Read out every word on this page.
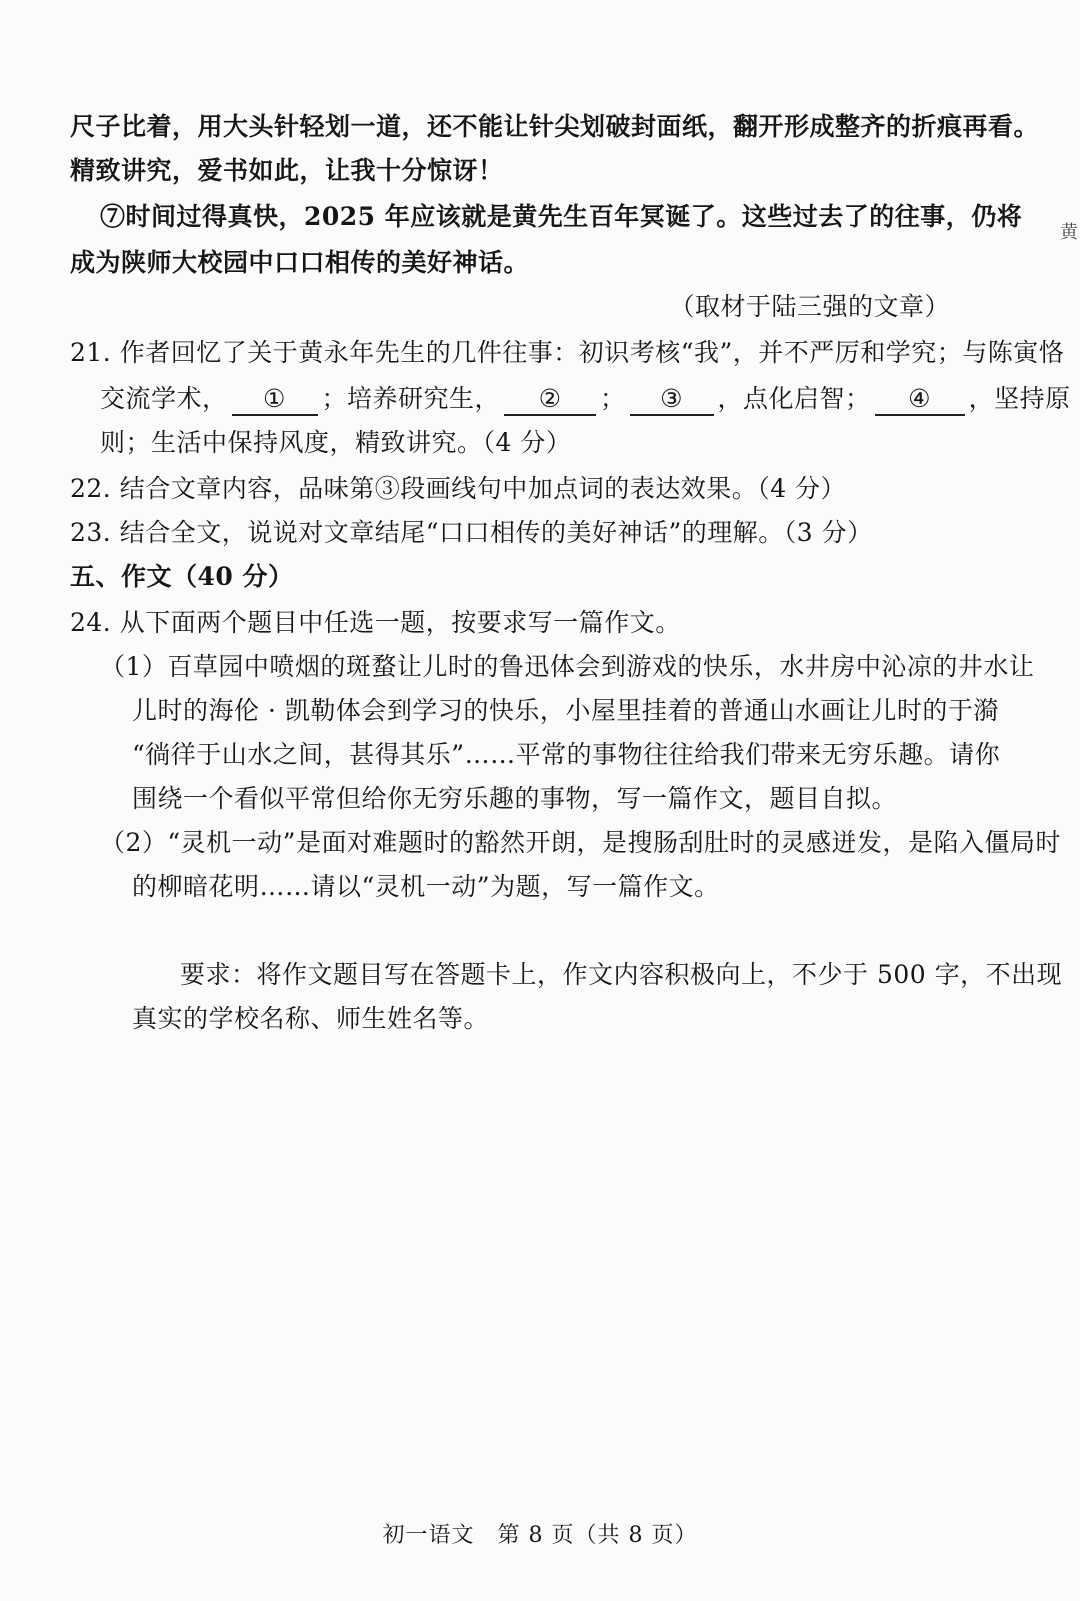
尺子比着，用大头针轻划一道，还不能让针尖划破封面纸，翻开形成整齐的折痕再看。
精致讲究，爱书如此，让我十分惊讶！
⑦时间过得真快，2025 年应该就是黄先生百年冥诞了。这些过去了的往事，仍将
成为陕师大校园中口口相传的美好神话。
（取材于陆三强的文章）
21. 作者回忆了关于黄永年先生的几件往事：初识考核“我”，并不严厉和学究；与陈寅恪
交流学术， ① ；培养研究生， ② ； ③ ，点化启智； ④ ，坚持原
则；生活中保持风度，精致讲究。（4 分）
22. 结合文章内容，品味第③段画线句中加点词的表达效果。（4 分）
23. 结合全文，说说对文章结尾“口口相传的美好神话”的理解。（3 分）
五、作文（40 分）
24. 从下面两个题目中任选一题，按要求写一篇作文。
（1）百草园中喷烟的斑蝥让儿时的鲁迅体会到游戏的快乐，水井房中沁凉的井水让
儿时的海伦 · 凯勒体会到学习的快乐，小屋里挂着的普通山水画让儿时的于漪
“徜徉于山水之间，甚得其乐”……平常的事物往往给我们带来无穷乐趣。请你
围绕一个看似平常但给你无穷乐趣的事物，写一篇作文，题目自拟。
（2）“灵机一动”是面对难题时的豁然开朗，是搜肠刮肚时的灵感迸发，是陷入僵局时
的柳暗花明……请以“灵机一动”为题，写一篇作文。
要求：将作文题目写在答题卡上，作文内容积极向上，不少于 500 字，不出现
真实的学校名称、师生姓名等。
初一语文　第 8 页（共 8 页）
黄
